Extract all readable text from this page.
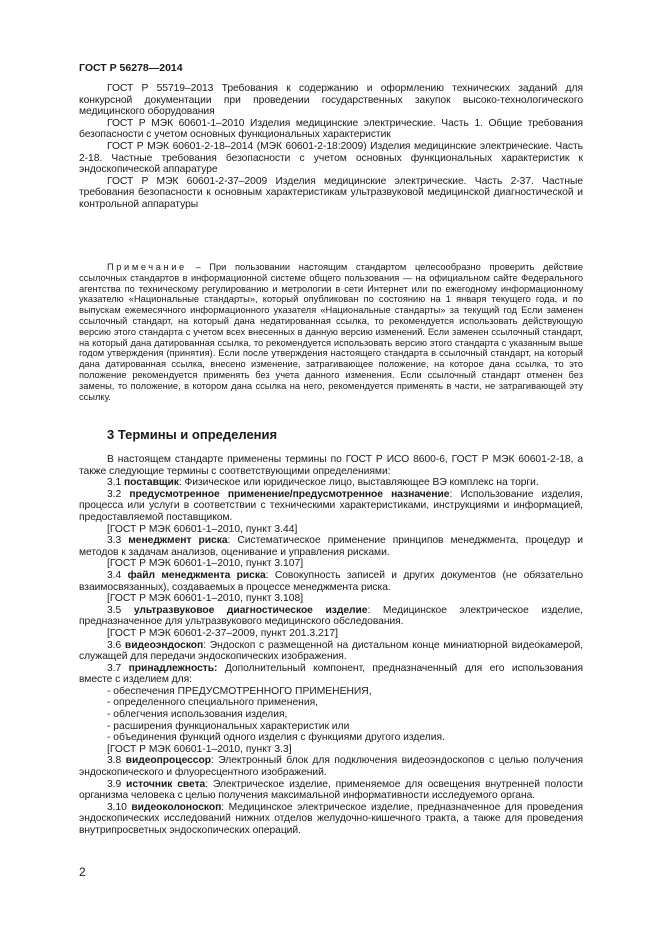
ГОСТ Р 56278—2014

ГОСТ Р 55719–2013 Требования к содержанию и оформлению технических заданий для конкурсной документации при проведении государственных закупок высоко-технологического медицинского оборудования

ГОСТ Р МЭК 60601-1–2010 Изделия медицинские электрические. Часть 1. Общие требования безопасности с учетом основных функциональных характеристик

ГОСТ Р МЭК 60601-2-18–2014 (МЭК 60601-2-18:2009) Изделия медицинские электрические. Часть 2-18. Частные требования безопасности с учетом основных функциональных характеристик к эндоскопической аппаратуре

ГОСТ Р МЭК 60601-2-37–2009 Изделия медицинские электрические. Часть 2-37. Частные требования безопасности к основным характеристикам ультразвуковой медицинской диагностической и контрольной аппаратуры

Примечание – При пользовании настоящим стандартом целесообразно проверить действие ссылочных стандартов в информационной системе общего пользования — на официальном сайте Федерального агентства по техническому регулированию и метрологии в сети Интернет или по ежегодному информационному указателю «Национальные стандарты», который опубликован по состоянию на 1 января текущего года, и по выпускам ежемесячного информационного указателя «Национальные стандарты» за текущий год Если заменен ссылочный стандарт, на который дана недатированная ссылка, то рекомендуется использовать действующую версию этого стандарта с учетом всех внесенных в данную версию изменений. Если заменен ссылочный стандарт, на который дана датированная ссылка, то рекомендуется использовать версию этого стандарта с указанным выше годом утверждения (принятия). Если после утверждения настоящего стандарта в ссылочный стандарт, на который дана датированная ссылка, внесено изменение, затрагивающее положение, на которое дана ссылка, то это положение рекомендуется применять без учета данного изменения. Если ссылочный стандарт отменен без замены, то положение, в котором дана ссылка на него, рекомендуется применять в части, не затрагивающей эту ссылку.

3 Термины и определения

В настоящем стандарте применены термины по ГОСТ Р ИСО 8600-6, ГОСТ Р МЭК 60601-2-18, а также следующие термины с соответствующими определениями:

3.1 поставщик: Физическое или юридическое лицо, выставляющее ВЭ комплекс на торги.

3.2 предусмотренное применение/предусмотренное назначение: Использование изделия, процесса или услуги в соответствии с техническими характеристиками, инструкциями и информацией, предоставляемой поставщиком.

[ГОСТ Р МЭК 60601-1–2010, пункт 3.44]

3.3 менеджмент риска: Систематическое применение принципов менеджмента, процедур и методов к задачам анализов, оценивание и управления рисками.

[ГОСТ Р МЭК 60601-1–2010, пункт 3.107]

3.4 файл менеджмента риска: Совокупность записей и других документов (не обязательно взаимосвязанных), создаваемых в процессе менеджмента риска.

[ГОСТ Р МЭК 60601-1–2010, пункт 3.108]

3.5 ультразвуковое диагностическое изделие: Медицинское электрическое изделие, предназначенное для ультразвукового медицинского обследования.

[ГОСТ Р МЭК 60601-2-37–2009, пункт 201.3.217]

3.6 видеоэндоскоп: Эндоскоп с размещенной на дистальном конце миниатюрной видеокамерой, служащей для передачи эндоскопических изображения.

3.7 принадлежность: Дополнительный компонент, предназначенный для его использования вместе с изделием для:

- обеспечения ПРЕДУСМОТРЕННОГО ПРИМЕНЕНИЯ,

- определенного специального применения,

- облегчения использования изделия,

- расширения функциональных характеристик или

- объединения функций одного изделия с функциями другого изделия.

[ГОСТ Р МЭК 60601-1–2010, пункт 3.3]

3.8 видеопроцессор: Электронный блок для подключения видеоэндоскопов с целью получения эндоскопического и флуоресцентного изображений.

3.9 источник света: Электрическое изделие, применяемое для освещения внутренней полости организма человека с целью получения максимальной информативности исследуемого органа.

3.10 видеоколоноскоп: Медицинское электрическое изделие, предназначенное для проведения эндоскопических исследований нижних отделов желудочно-кишечного тракта, а также для проведения внутрипросветных эндоскопических операций.

2
